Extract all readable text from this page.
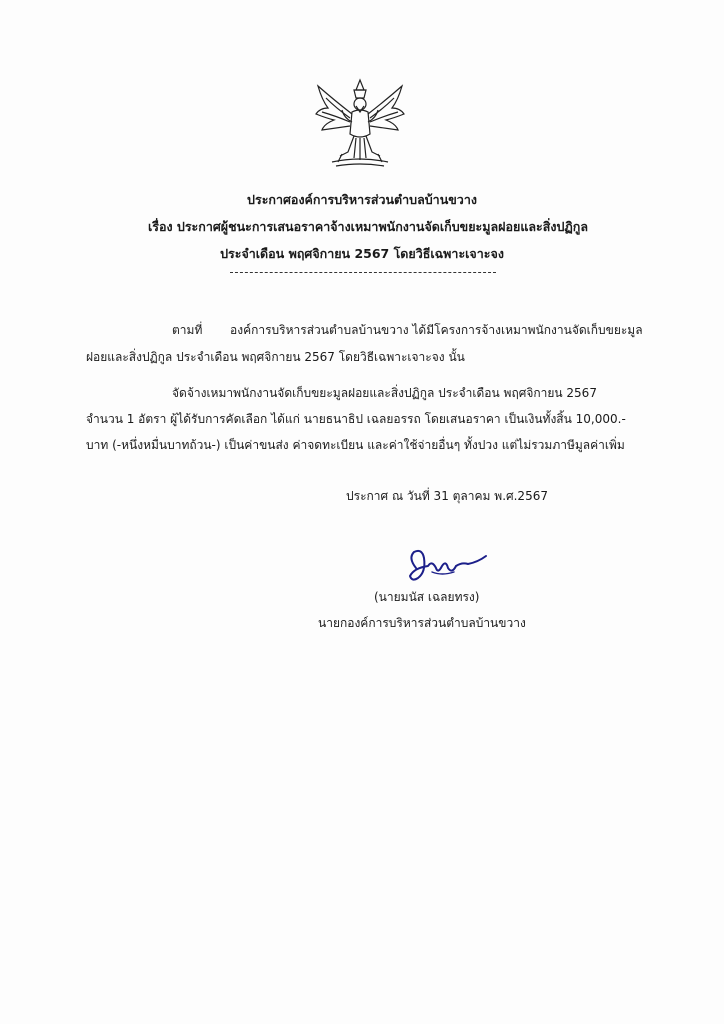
ประกาศองค์การบริหารส่วนตำบลบ้านขวาง
เรื่อง ประกาศผู้ชนะการเสนอราคาจ้างเหมาพนักงานจัดเก็บขยะมูลฝอยและสิ่งปฏิกูล
ประจำเดือน พฤศจิกายน 2567 โดยวิธีเฉพาะเจาะจง
ตามที่ องค์การบริหารส่วนตำบลบ้านขวาง ได้มีโครงการจ้างเหมาพนักงานจัดเก็บขยะมูล
ฝอยและสิ่งปฏิกูล ประจำเดือน พฤศจิกายน 2567 โดยวิธีเฉพาะเจาะจง นั้น
จัดจ้างเหมาพนักงานจัดเก็บขยะมูลฝอยและสิ่งปฏิกูล ประจำเดือน พฤศจิกายน 2567
จำนวน 1 อัตรา ผู้ได้รับการคัดเลือก ได้แก่ นายธนาธิป เฉลยอรรถ โดยเสนอราคา เป็นเงินทั้งสิ้น 10,000.-
บาท (-หนึ่งหมื่นบาทถ้วน-) เป็นค่าขนส่ง ค่าจดทะเบียน และค่าใช้จ่ายอื่นๆ ทั้งปวง แต่ไม่รวมภาษีมูลค่าเพิ่ม
ประกาศ ณ วันที่ 31 ตุลาคม พ.ศ.2567
(นายมนัส เฉลยทรง)
นายกองค์การบริหารส่วนตำบลบ้านขวาง
